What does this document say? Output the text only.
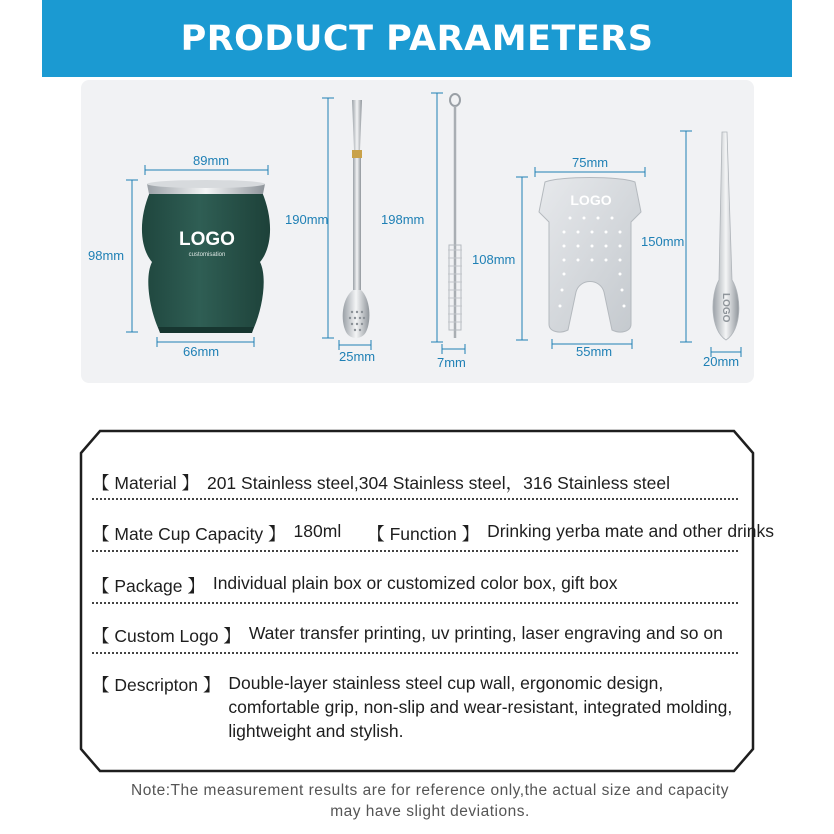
PRODUCT PARAMETERS
LOGO
customisation
LOGO
LOGO
89mm
98mm
66mm
190mm
25mm
198mm
7mm
75mm
108mm
55mm
150mm
20mm
【 Material 】 201 Stainless steel,304 Stainless steel，316 Stainless steel
【 Mate Cup Capacity 】 180ml 【 Function 】 Drinking yerba mate and other drinks
【 Package 】 Individual plain box or customized color box, gift box
【 Custom Logo 】 Water transfer printing, uv printing, laser engraving and so on
【 Descripton 】 Double-layer stainless steel cup wall, ergonomic design,
comfortable grip, non-slip and wear-resistant, integrated molding,
lightweight and stylish.
Note:The measurement results are for reference only,the actual size and capacity
may have slight deviations.
